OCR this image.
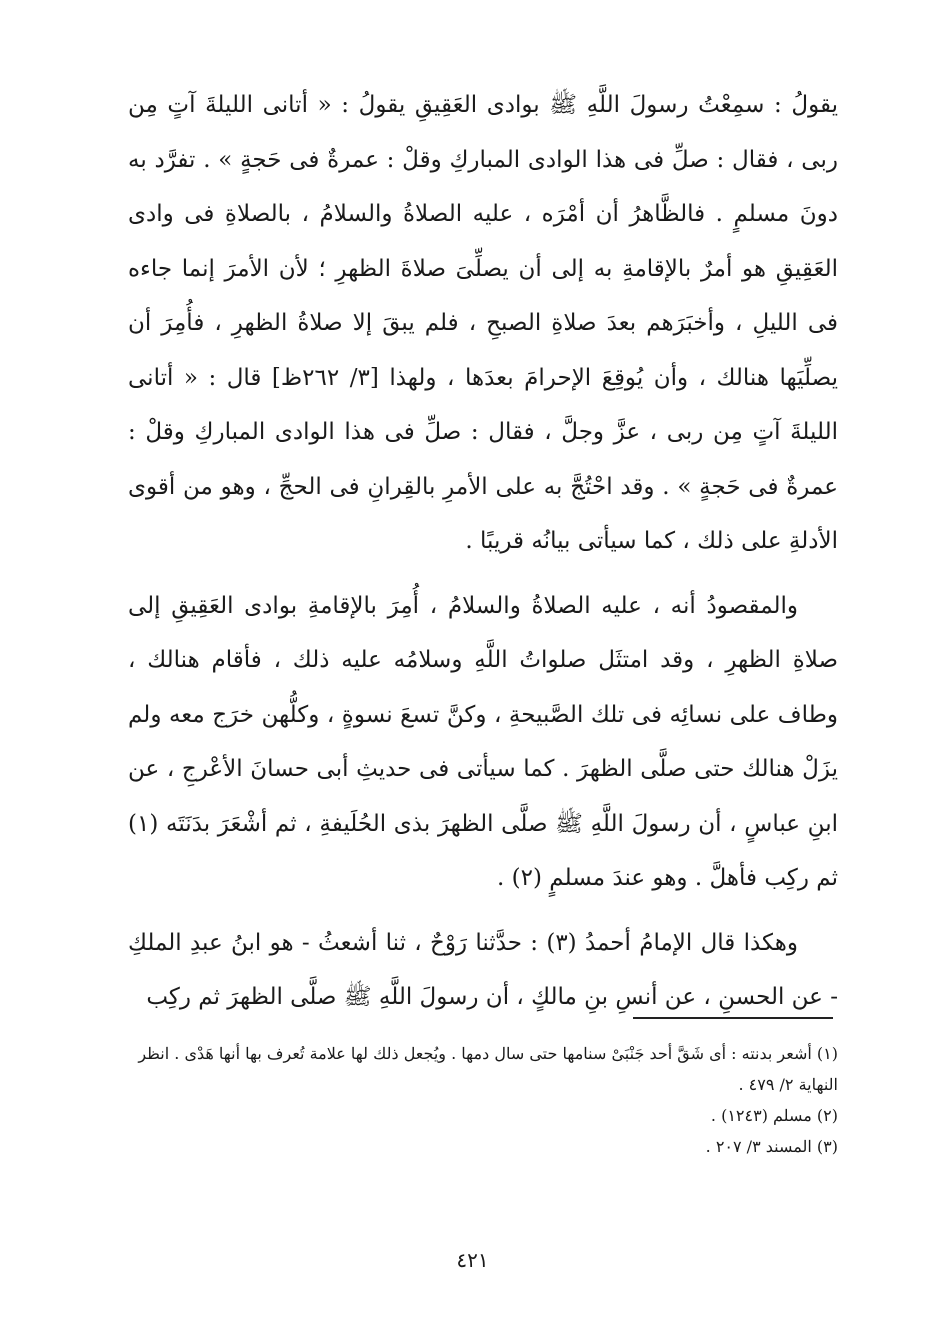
يقولُ : سمِعْتُ رسولَ اللَّهِ ﷺ بوادى العَقِيقِ يقولُ : « أتانى الليلةَ آتٍ مِن ربى ، فقال : صلِّ فى هذا الوادى المباركِ وقلْ : عمرةٌ فى حَجةٍ » . تفرَّد به دونَ مسلمٍ . فالظَّاهرُ أن أمْرَه ، عليه الصلاةُ والسلامُ ، بالصلاةِ فى وادى العَقِيقِ هو أمرٌ بالإقامةِ به إلى أن يصلِّىَ صلاةَ الظهرِ ؛ لأن الأمرَ إنما جاءه فى الليلِ ، وأخبَرَهم بعدَ صلاةِ الصبحِ ، فلم يبقَ إلا صلاةُ الظهرِ ، فأُمِرَ أن يصلِّيَها هنالك ، وأن يُوقِعَ الإحرامَ بعدَها ، ولهذا [٣/ ٢٦٢ظ] قال : « أتانى الليلةَ آتٍ مِن ربى ، عزَّ وجلَّ ، فقال : صلِّ فى هذا الوادى المباركِ وقلْ : عمرةٌ فى حَجةٍ » . وقد احْتُجَّ به على الأمرِ بالقِرانِ فى الحجِّ ، وهو من أقوى الأدلةِ على ذلك ، كما سيأتى بيانُه قريبًا .

والمقصودُ أنه ، عليه الصلاةُ والسلامُ ، أُمِرَ بالإقامةِ بوادى العَقِيقِ إلى صلاةِ الظهرِ ، وقد امتثَل صلواتُ اللَّهِ وسلامُه عليه ذلك ، فأقام هنالك ، وطاف على نسائِه فى تلك الصَّبيحةِ ، وكنَّ تسعَ نسوةٍ ، وكلُّهن خرَج معه ولم يزَلْ هنالك حتى صلَّى الظهرَ . كما سيأتى فى حديثِ أبى حسانَ الأعْرجِ ، عن ابنِ عباسٍ ، أن رسولَ اللَّهِ ﷺ صلَّى الظهرَ بذى الحُلَيفةِ ، ثم أشْعَرَ بدَنَتَه (١) ثم ركِب فأهلَّ . وهو عندَ مسلمٍ (٢) .

وهكذا قال الإمامُ أحمدُ (٣) : حدَّثنا رَوْحٌ ، ثنا أشعثُ - هو ابنُ عبدِ الملكِ - عن الحسنِ ، عن أنسِ بنِ مالكٍ ، أن رسولَ اللَّهِ ﷺ صلَّى الظهرَ ثم ركِب

(١) أشعر بدنته : أى شَقَّ أحد جَنْبَىْ سنامها حتى سال دمها . ويُجعل ذلك لها علامة تُعرف بها أنها هَدْى . انظر النهاية ٢/ ٤٧٩ .

(٢) مسلم (١٢٤٣) .

(٣) المسند ٣/ ٢٠٧ .

٤٢١
